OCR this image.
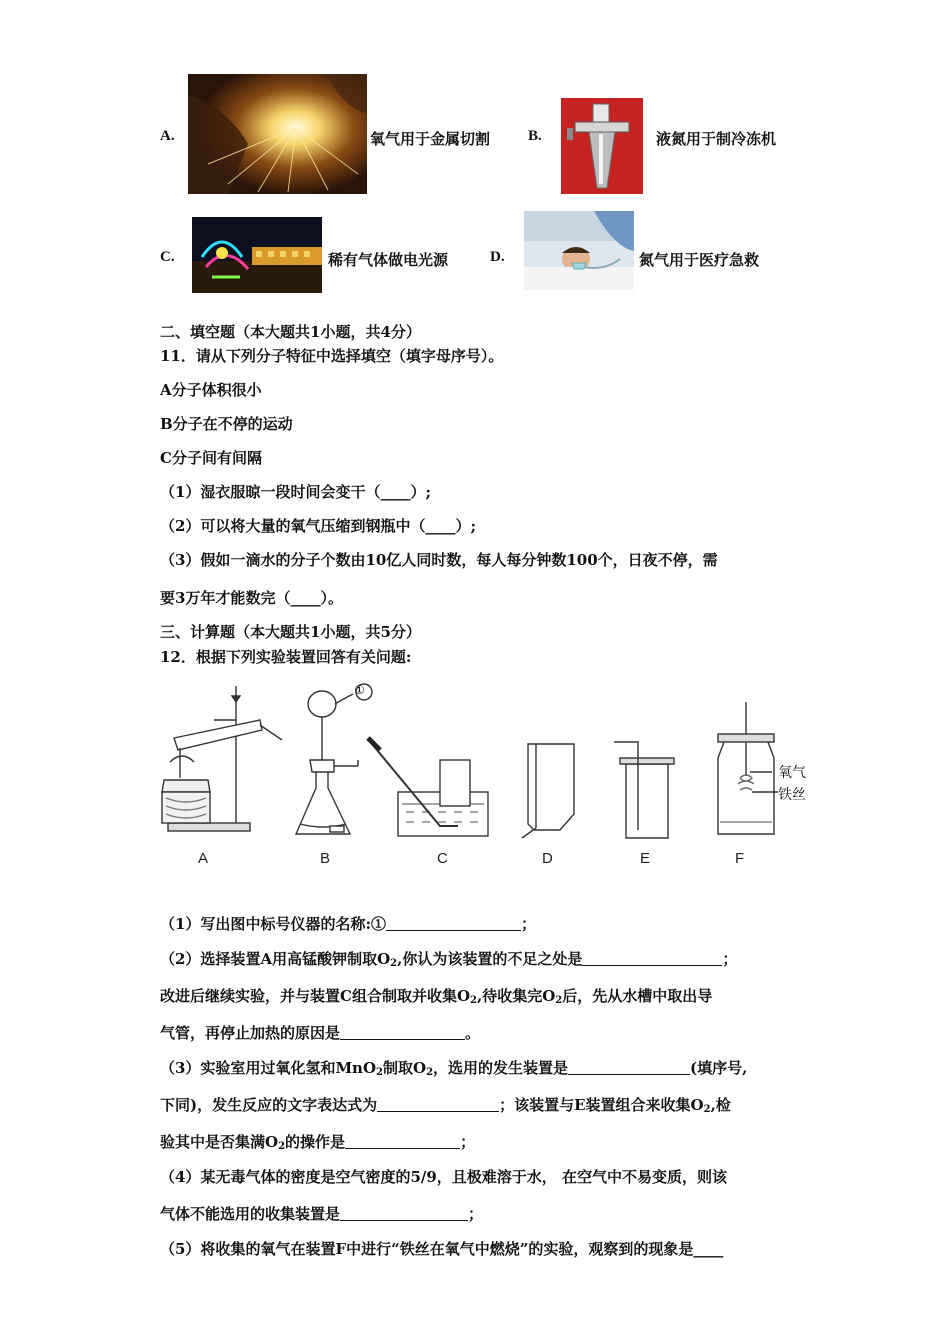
A.	氧气用于金属切割	B.	液氮用于制冷冻机
C.	稀有气体做电光源	D.	氮气用于医疗急救
二、填空题（本大题共1小题，共4分）
11．请从下列分子特征中选择填空（填字母序号）。
A分子体积很小
B分子在不停的运动
C分子间有间隔
（1）湿衣服晾一段时间会变干（____）;
（2）可以将大量的氧气压缩到钢瓶中（____）;
（3）假如一滴水的分子个数由10亿人同时数，每人每分钟数100个，日夜不停，需
要3万年才能数完（____）。
三、计算题（本大题共1小题，共5分）
12．根据下列实验装置回答有关问题:
①
氧气
铁丝
A	B	C	D	E	F
（1）写出图中标号仪器的名称:①	；
（2）选择装置A用高锰酸钾制取$O_2$,你认为该装置的不足之处是	；
改进后继续实验，并与装置C组合制取并收集$O_2$,待收集完$O_2$后，先从水槽中取出导
气管，再停止加热的原因是	。
（3）实验室用过氧化氢和MnO$_2$制取$O_2$，选用的发生装置是	(填序号,
下同)，发生反应的文字表达式为	；该装置与E装置组合来收集$O_2$,检
验其中是否集满$O_2$的操作是	；
（4）某无毒气体的密度是空气密度的5/9，且极难溶于水， 在空气中不易变质，则该
气体不能选用的收集装置是	；
（5）将收集的氧气在装置F中进行“铁丝在氧气中燃烧”的实验，观察到的现象是____
